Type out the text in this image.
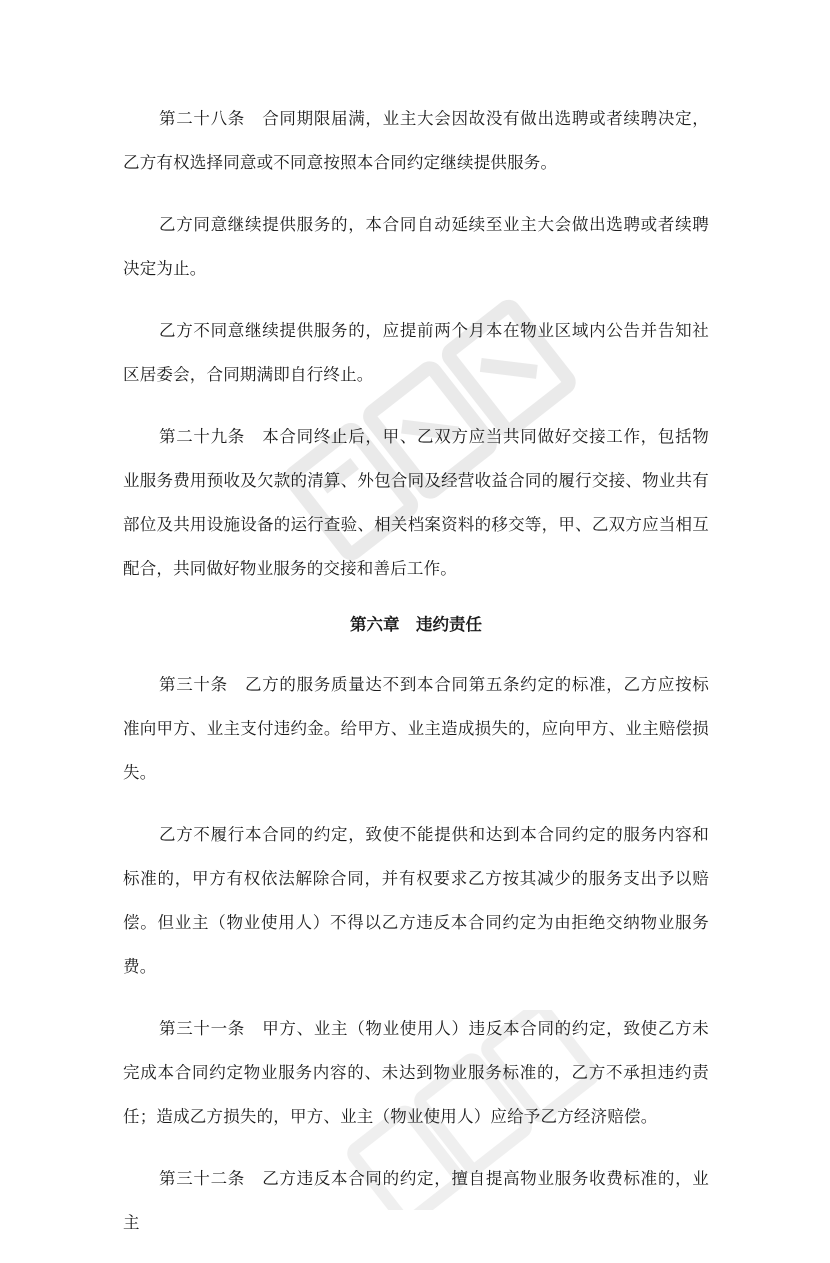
第二十八条　合同期限届满，业主大会因故没有做出选聘或者续聘决定，乙方有权选择同意或不同意按照本合同约定继续提供服务。

乙方同意继续提供服务的，本合同自动延续至业主大会做出选聘或者续聘决定为止。

乙方不同意继续提供服务的，应提前两个月本在物业区域内公告并告知社区居委会，合同期满即自行终止。

第二十九条　本合同终止后，甲、乙双方应当共同做好交接工作，包括物业服务费用预收及欠款的清算、外包合同及经营收益合同的履行交接、物业共有部位及共用设施设备的运行查验、相关档案资料的移交等，甲、乙双方应当相互配合，共同做好物业服务的交接和善后工作。

第六章　违约责任

第三十条　乙方的服务质量达不到本合同第五条约定的标准，乙方应按标准向甲方、业主支付违约金。给甲方、业主造成损失的，应向甲方、业主赔偿损失。

乙方不履行本合同的约定，致使不能提供和达到本合同约定的服务内容和标准的，甲方有权依法解除合同，并有权要求乙方按其减少的服务支出予以赔偿。但业主（物业使用人）不得以乙方违反本合同约定为由拒绝交纳物业服务费。

第三十一条　甲方、业主（物业使用人）违反本合同的约定，致使乙方未完成本合同约定物业服务内容的、未达到物业服务标准的，乙方不承担违约责任；造成乙方损失的，甲方、业主（物业使用人）应给予乙方经济赔偿。

第三十二条　乙方违反本合同的约定，擅自提高物业服务收费标准的，业主
